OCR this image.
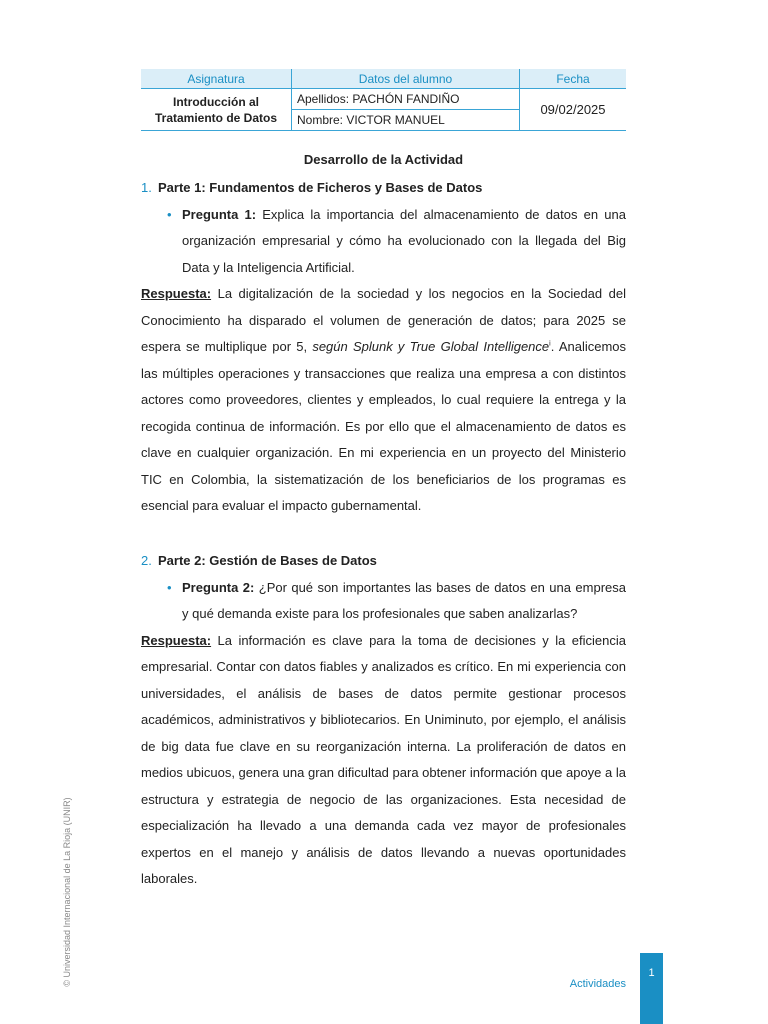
Asignatura	Datos del alumno	Fecha

Introducción al
Tratamiento de Datos	Apellidos: PACHÓN FANDIÑO	09/02/2025
	Nombre: VICTOR MANUEL	
Desarrollo de la Actividad
1. Parte 1: Fundamentos de Ficheros y Bases de Datos
• Pregunta 1: Explica la importancia del almacenamiento de datos en una organización empresarial y cómo ha evolucionado con la llegada del Big Data y la Inteligencia Artificial.
Respuesta: La digitalización de la sociedad y los negocios en la Sociedad del Conocimiento ha disparado el volumen de generación de datos; para 2025 se espera se multiplique por 5, según Splunk y True Global Intelligence$^i$. Analicemos las múltiples operaciones y transacciones que realiza una empresa a con distintos actores como proveedores, clientes y empleados, lo cual requiere la entrega y la recogida continua de información. Es por ello que el almacenamiento de datos es clave en cualquier organización. En mi experiencia en un proyecto del Ministerio TIC en Colombia, la sistematización de los beneficiarios de los programas es esencial para evaluar el impacto gubernamental.
2. Parte 2: Gestión de Bases de Datos
• Pregunta 2: ¿Por qué son importantes las bases de datos en una empresa y qué demanda existe para los profesionales que saben analizarlas?
Respuesta: La información es clave para la toma de decisiones y la eficiencia empresarial. Contar con datos fiables y analizados es crítico. En mi experiencia con universidades, el análisis de bases de datos permite gestionar procesos académicos, administrativos y bibliotecarios. En Uniminuto, por ejemplo, el análisis de big data fue clave en su reorganización interna. La proliferación de datos en medios ubicuos, genera una gran dificultad para obtener información que apoye a la estructura y estrategia de negocio de las organizaciones. Esta necesidad de especialización ha llevado a una demanda cada vez mayor de profesionales expertos en el manejo y análisis de datos llevando a nuevas oportunidades laborales.
© Universidad Internacional de La Rioja (UNIR)	Actividades
1
